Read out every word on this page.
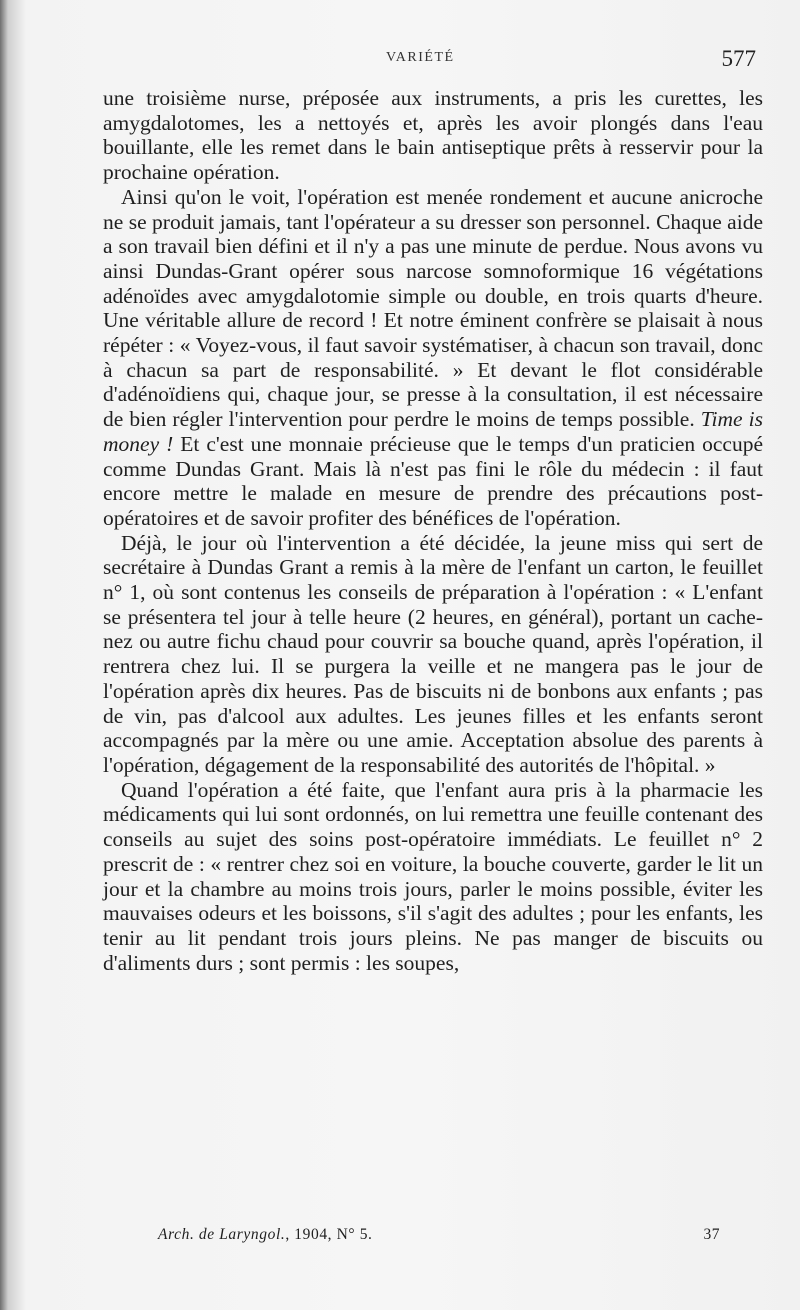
VARIÉTÉ	577

une troisième nurse, préposée aux instruments, a pris les curettes, les amygdalotomes, les a nettoyés et, après les avoir plongés dans l'eau bouillante, elle les remet dans le bain antiseptique prêts à resservir pour la prochaine opération.

Ainsi qu'on le voit, l'opération est menée rondement et aucune anicroche ne se produit jamais, tant l'opérateur a su dresser son personnel. Chaque aide a son travail bien défini et il n'y a pas une minute de perdue. Nous avons vu ainsi Dundas-Grant opérer sous narcose somnoformique 16 végétations adénoïdes avec amygdalotomie simple ou double, en trois quarts d'heure. Une véritable allure de record ! Et notre éminent confrère se plaisait à nous répéter : « Voyez-vous, il faut savoir systématiser, à chacun son travail, donc à chacun sa part de responsabilité. » Et devant le flot considérable d'adénoïdiens qui, chaque jour, se presse à la consultation, il est nécessaire de bien régler l'intervention pour perdre le moins de temps possible. Time is money ! Et c'est une monnaie précieuse que le temps d'un praticien occupé comme Dundas Grant. Mais là n'est pas fini le rôle du médecin : il faut encore mettre le malade en mesure de prendre des précautions post-opératoires et de savoir profiter des bénéfices de l'opération.

Déjà, le jour où l'intervention a été décidée, la jeune miss qui sert de secrétaire à Dundas Grant a remis à la mère de l'enfant un carton, le feuillet n° 1, où sont contenus les conseils de préparation à l'opération : « L'enfant se présentera tel jour à telle heure (2 heures, en général), portant un cache-nez ou autre fichu chaud pour couvrir sa bouche quand, après l'opération, il rentrera chez lui. Il se purgera la veille et ne mangera pas le jour de l'opération après dix heures. Pas de biscuits ni de bonbons aux enfants ; pas de vin, pas d'alcool aux adultes. Les jeunes filles et les enfants seront accompagnés par la mère ou une amie. Acceptation absolue des parents à l'opération, dégagement de la responsabilité des autorités de l'hôpital. »

Quand l'opération a été faite, que l'enfant aura pris à la pharmacie les médicaments qui lui sont ordonnés, on lui remettra une feuille contenant des conseils au sujet des soins post-opératoire immédiats. Le feuillet n° 2 prescrit de : « rentrer chez soi en voiture, la bouche couverte, garder le lit un jour et la chambre au moins trois jours, parler le moins possible, éviter les mauvaises odeurs et les boissons, s'il s'agit des adultes ; pour les enfants, les tenir au lit pendant trois jours pleins. Ne pas manger de biscuits ou d'aliments durs ; sont permis : les soupes,

Arch. de Laryngol., 1904, N° 5.	37
